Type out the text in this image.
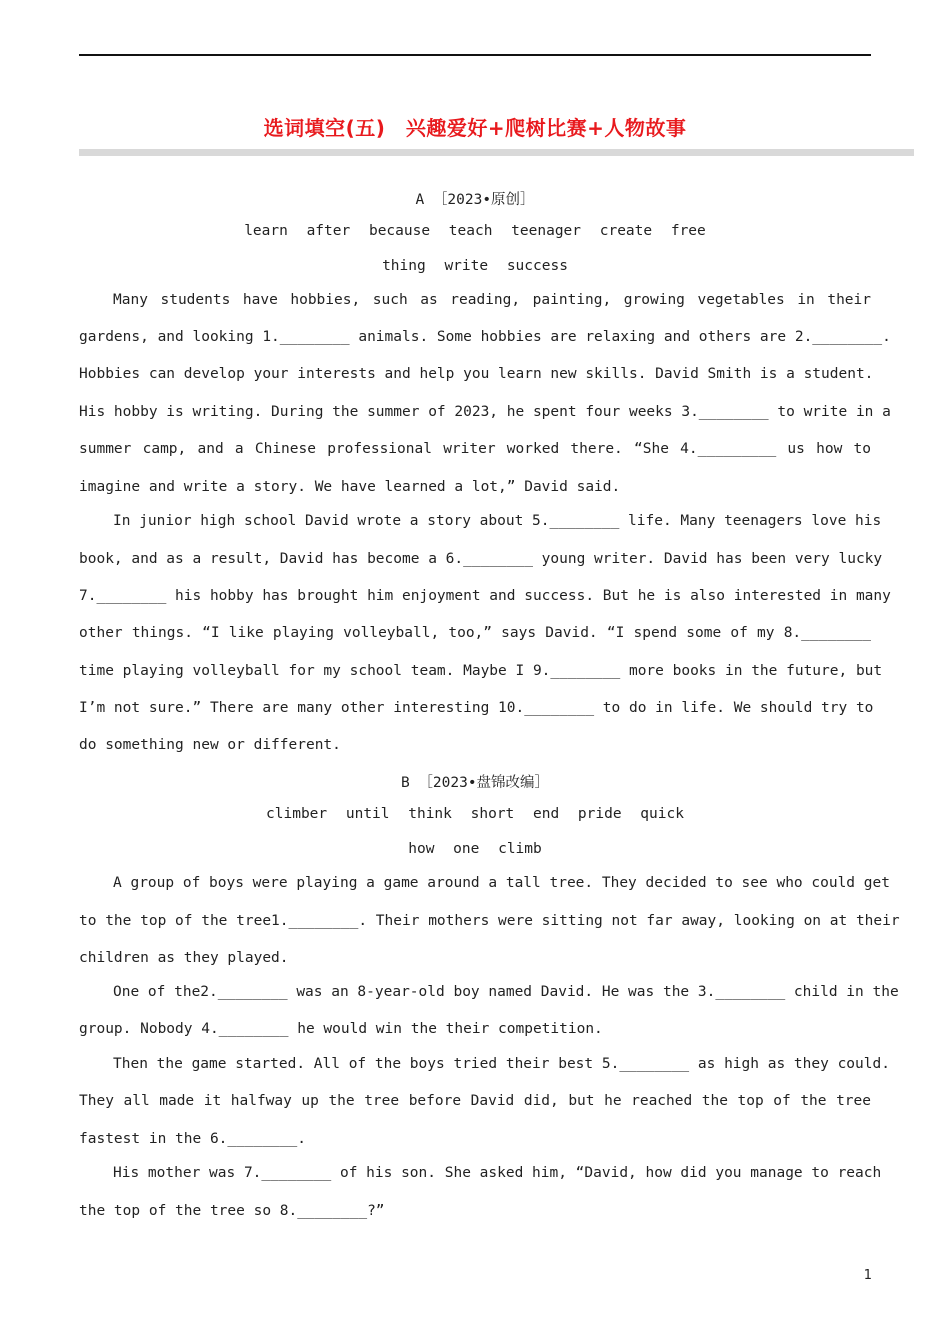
选词填空(五)　兴趣爱好+爬树比赛+人物故事
A ［2023•原创］
learn after because teach teenager create free
thing write success
Many students have hobbies, such as reading, painting, growing vegetables in their
gardens, and looking 1.________ animals. Some hobbies are relaxing and others are 2.________.
Hobbies can develop your interests and help you learn new skills. David Smith is a student.
His hobby is writing. During the summer of 2023, he spent four weeks 3.________ to write in a
summer camp, and a Chinese professional writer worked there. “She 4._________ us how to
imagine and write a story. We have learned a lot,” David said.
In junior high school David wrote a story about 5.________ life. Many teenagers love his
book, and as a result, David has become a 6.________ young writer. David has been very lucky
7.________ his hobby has brought him enjoyment and success. But he is also interested in many
other things. “I like playing volleyball, too,” says David. “I spend some of my 8.________
time playing volleyball for my school team. Maybe I 9.________ more books in the future, but
I’m not sure.” There are many other interesting 10.________ to do in life. We should try to
do something new or different.
B ［2023•盘锦改编］
climber until think short end pride quick
how one climb
A group of boys were playing a game around a tall tree. They decided to see who could get
to the top of the tree1.________. Their mothers were sitting not far away, looking on at their
children as they played.
One of the2.________ was an 8-year-old boy named David. He was the 3.________ child in the
group. Nobody 4.________ he would win the their competition.
Then the game started. All of the boys tried their best 5.________ as high as they could.
They all made it halfway up the tree before David did, but he reached the top of the tree
fastest in the 6.________.
His mother was 7.________ of his son. She asked him, “David, how did you manage to reach
the top of the tree so 8.________?”
1
